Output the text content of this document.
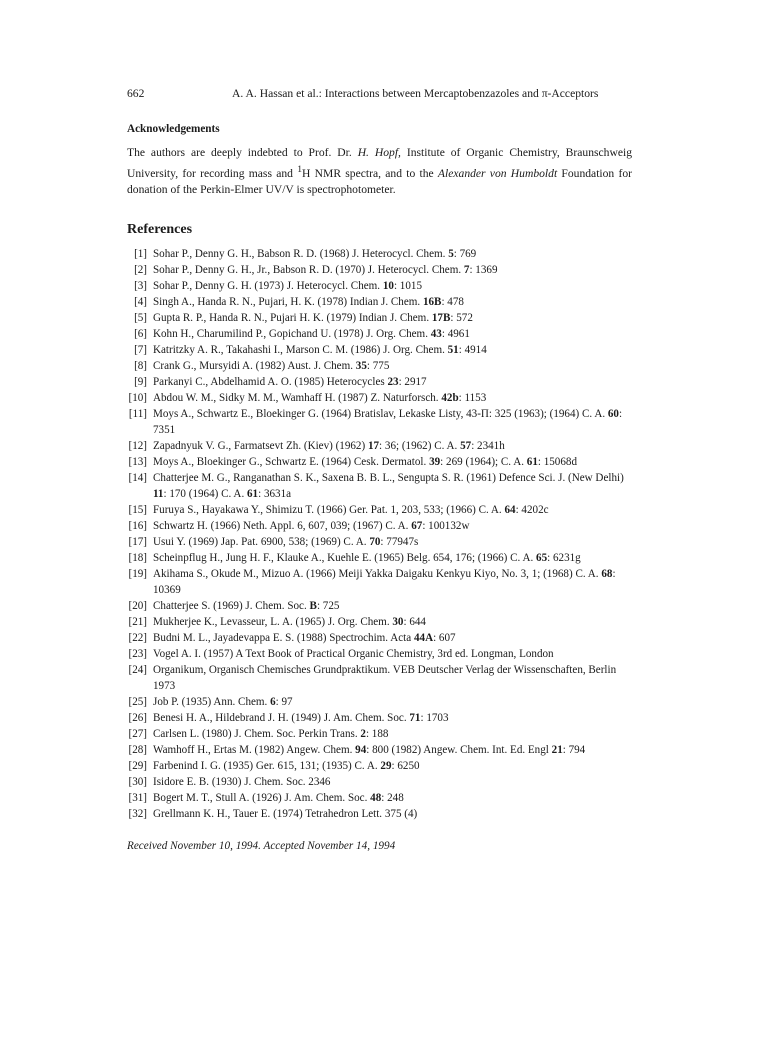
662	A. A. Hassan et al.: Interactions between Mercaptobenzazoles and π-Acceptors
Acknowledgements

The authors are deeply indebted to Prof. Dr. H. Hopf, Institute of Organic Chemistry, Braunschweig University, for recording mass and $^1$H NMR spectra, and to the Alexander von Humboldt Foundation for donation of the Perkin-Elmer UV/V is spectrophotometer.

References
[1] Sohar P., Denny G. H., Babson R. D. (1968) J. Heterocycl. Chem. 5: 769
[2] Sohar P., Denny G. H., Jr., Babson R. D. (1970) J. Heterocycl. Chem. 7: 1369
[3] Sohar P., Denny G. H. (1973) J. Heterocycl. Chem. 10: 1015
[4] Singh A., Handa R. N., Pujari, H. K. (1978) Indian J. Chem. 16B: 478
[5] Gupta R. P., Handa R. N., Pujari H. K. (1979) Indian J. Chem. 17B: 572
[6] Kohn H., Charumilind P., Gopichand U. (1978) J. Org. Chem. 43: 4961
[7] Katritzky A. R., Takahashi I., Marson C. M. (1986) J. Org. Chem. 51: 4914
[8] Crank G., Mursyidi A. (1982) Aust. J. Chem. 35: 775
[9] Parkanyi C., Abdelhamid A. O. (1985) Heterocycles 23: 2917
[10] Abdou W. M., Sidky M. M., Wamhaff H. (1987) Z. Naturforsch. 42b: 1153
[11] Moys A., Schwartz E., Bloekinger G. (1964) Bratislav, Lekaske Listy, 43-Π: 325 (1963); (1964) C. A. 60: 7351
[12] Zapadnyuk V. G., Farmatsevt Zh. (Kiev) (1962) 17: 36; (1962) C. A. 57: 2341h
[13] Moys A., Bloekinger G., Schwartz E. (1964) Cesk. Dermatol. 39: 269 (1964); C. A. 61: 15068d
[14] Chatterjee M. G., Ranganathan S. K., Saxena B. B. L., Sengupta S. R. (1961) Defence Sci. J. (New Delhi) 11: 170 (1964) C. A. 61: 3631a
[15] Furuya S., Hayakawa Y., Shimizu T. (1966) Ger. Pat. 1, 203, 533; (1966) C. A. 64: 4202c
[16] Schwartz H. (1966) Neth. Appl. 6, 607, 039; (1967) C. A. 67: 100132w
[17] Usui Y. (1969) Jap. Pat. 6900, 538; (1969) C. A. 70: 77947s
[18] Scheinpflug H., Jung H. F., Klauke A., Kuehle E. (1965) Belg. 654, 176; (1966) C. A. 65: 6231g
[19] Akihama S., Okude M., Mizuo A. (1966) Meiji Yakka Daigaku Kenkyu Kiyo, No. 3, 1; (1968) C. A. 68: 10369
[20] Chatterjee S. (1969) J. Chem. Soc. B: 725
[21] Mukherjee K., Levasseur, L. A. (1965) J. Org. Chem. 30: 644
[22] Budni M. L., Jayadevappa E. S. (1988) Spectrochim. Acta 44A: 607
[23] Vogel A. I. (1957) A Text Book of Practical Organic Chemistry, 3rd ed. Longman, London
[24] Organikum, Organisch Chemisches Grundpraktikum. VEB Deutscher Verlag der Wissenschaften, Berlin 1973
[25] Job P. (1935) Ann. Chem. 6: 97
[26] Benesi H. A., Hildebrand J. H. (1949) J. Am. Chem. Soc. 71: 1703
[27] Carlsen L. (1980) J. Chem. Soc. Perkin Trans. 2: 188
[28] Wamhoff H., Ertas M. (1982) Angew. Chem. 94: 800 (1982) Angew. Chem. Int. Ed. Engl 21: 794
[29] Farbenind I. G. (1935) Ger. 615, 131; (1935) C. A. 29: 6250
[30] Isidore E. B. (1930) J. Chem. Soc. 2346
[31] Bogert M. T., Stull A. (1926) J. Am. Chem. Soc. 48: 248
[32] Grellmann K. H., Tauer E. (1974) Tetrahedron Lett. 375 (4)
Received November 10, 1994. Accepted November 14, 1994
